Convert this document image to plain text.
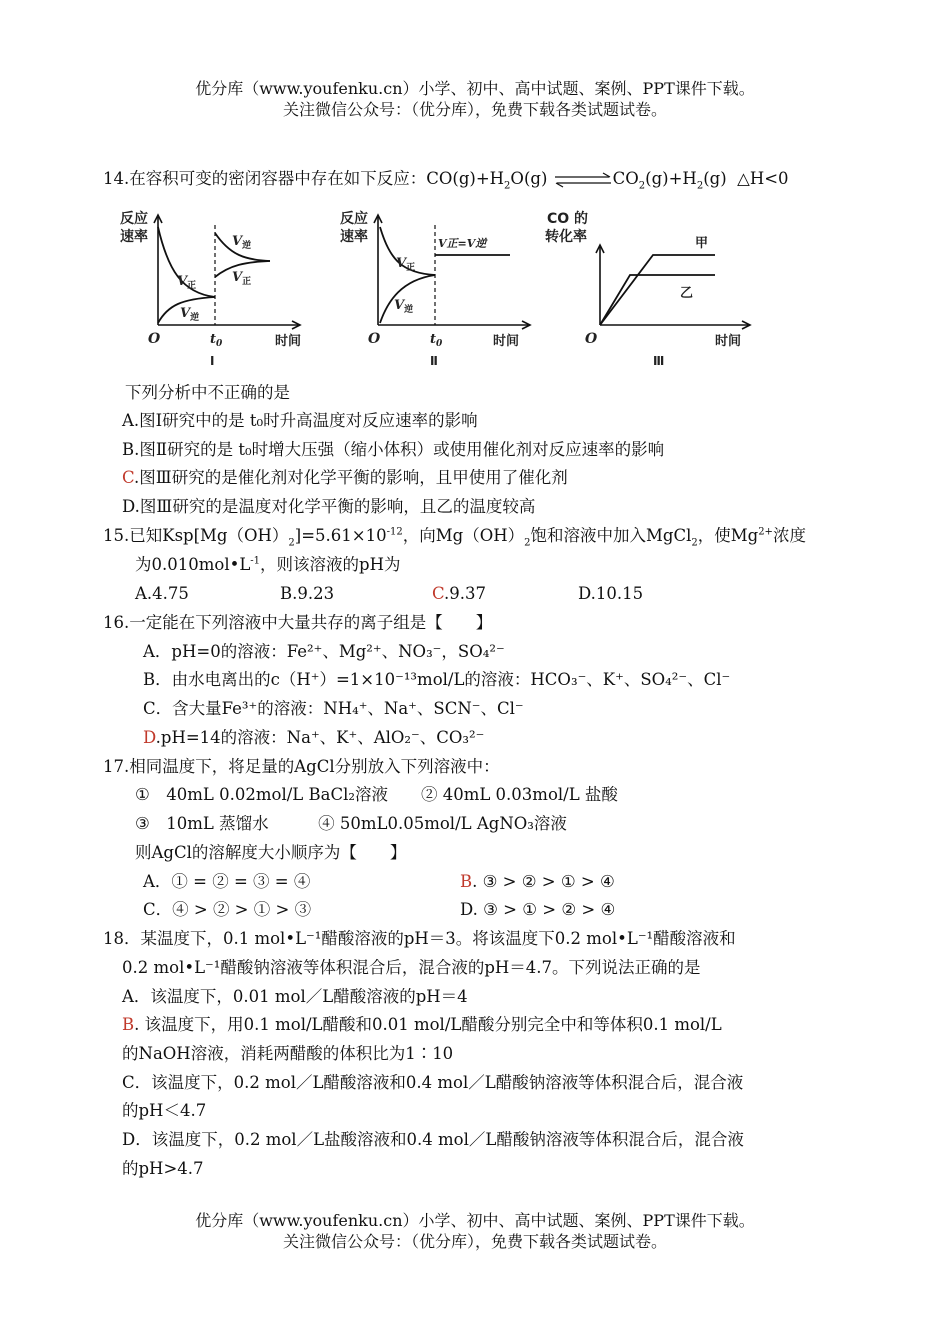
优分库（www.youfenku.cn）小学、初中、高中试题、案例、PPT课件下载。
关注微信公众号：（优分库），免费下载各类试题试卷。
14.在容积可变的密闭容器中存在如下反应：$CO(g)+H_2O(g)$ $\rightleftharpoons CO_2(g)+H_2(g)$ △H<0
反应
速率
$V_正$
$V_逆$
$V_逆$
$V_正$
O	$t_0$	时间
Ⅰ
反应
速率	V正=V逆
$V_正$
$V_逆$
O	$t_0$	时间
Ⅱ
CO 的
转化率	甲
乙
O	时间
Ⅲ
下列分析中不正确的是
A.图Ⅰ研究中的是 t₀时升高温度对反应速率的影响
B.图Ⅱ研究的是 t₀时增大压强（缩小体积）或使用催化剂对反应速率的影响
C.图Ⅲ研究的是催化剂对化学平衡的影响，且甲使用了催化剂
D.图Ⅲ研究的是温度对化学平衡的影响，且乙的温度较高
15.已知$Ksp[Mg(OH)_2]=5.61\times 10^{-12}$，向$Mg(OH)_2$饱和溶液中加入MgCl$_2$，使$Mg^{2+}$浓度
为$0.010mol•L^{-1}$，则该溶液的pH为
A.4.75	B.9.23	C.9.37	D.10.15
16.一定能在下列溶液中大量共存的离子组是【　　】
A．pH=0的溶液：Fe²⁺、Mg²⁺、NO₃⁻，SO₄²⁻
B．由水电离出的c（H⁺）=1×10⁻¹³mol/L的溶液：HCO₃⁻、K⁺、SO₄²⁻、Cl⁻
C．含大量Fe³⁺的溶液：NH₄⁺、Na⁺、SCN⁻、Cl⁻
D.pH=14的溶液：Na⁺、K⁺、AlO₂⁻、CO₃²⁻
17.相同温度下，将足量的AgCl分别放入下列溶液中：
①　40mL 0.02mol/L BaCl₂溶液　　② 40mL 0.03mol/L 盐酸
③　10mL 蒸馏水　　　④ 50mL0.05mol/L AgNO₃溶液
则AgCl的溶解度大小顺序为【　　】
A．① = ② = ③ = ④	B. ③ > ② > ① > ④
C．④ > ② > ① > ③	D. ③ > ① > ② > ④
18．某温度下，0.1 mol•L⁻¹醋酸溶液的pH＝3。将该温度下0.2 mol•L⁻¹醋酸溶液和
0.2 mol•L⁻¹醋酸钠溶液等体积混合后，混合液的pH＝4.7。下列说法正确的是
A．该温度下，0.01 mol／L醋酸溶液的pH＝4
B. 该温度下，用0.1 mol/L醋酸和0.01 mol/L醋酸分别完全中和等体积0.1 mol/L
的NaOH溶液，消耗两醋酸的体积比为1∶10
C．该温度下，0.2 mol／L醋酸溶液和0.4 mol／L醋酸钠溶液等体积混合后，混合液
的pH＜4.7
D．该温度下，0.2 mol／L盐酸溶液和0.4 mol／L醋酸钠溶液等体积混合后，混合液
的pH>4.7
优分库（www.youfenku.cn）小学、初中、高中试题、案例、PPT课件下载。
关注微信公众号：（优分库），免费下载各类试题试卷。
